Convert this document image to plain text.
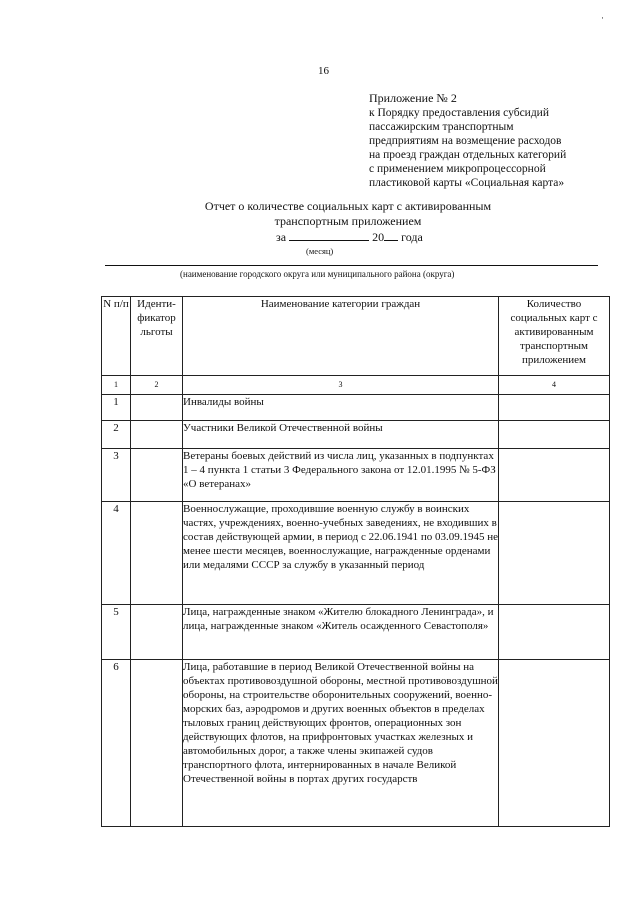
16
Приложение № 2
к Порядку предоставления субсидий
пассажирским транспортным
предприятиям на возмещение расходов
на проезд граждан отдельных категорий
с применением микропроцессорной
пластиковой карты «Социальная карта»
Отчет о количестве социальных карт с активированным
транспортным приложением
за	20 года
(месяц)
(наименование городского округа или муниципального района (округа)
N п/п	Иденти-фикатор льготы	Наименование категории граждан	Количество социальных карт с активированным транспортным приложением
1	2	3	4
1		Инвалиды войны	
2		Участники Великой Отечественной войны	
3		Ветераны боевых действий из числа лиц, указанных в подпунктах 1 – 4 пункта 1 статьи 3 Федерального закона от 12.01.1995 № 5-ФЗ «О ветеранах»	
4		Военнослужащие, проходившие военную службу в воинских частях, учреждениях, военно-учебных заведениях, не входивших в состав действующей армии, в период с 22.06.1941 по 03.09.1945 не менее шести месяцев, военнослужащие, награжденные орденами или медалями СССР за службу в указанный период	
5		Лица, награжденные знаком «Жителю блокадного Ленинграда», и лица, награжденные знаком «Житель осажденного Севастополя»	
6		Лица, работавшие в период Великой Отечественной войны на объектах противовоздушной обороны, местной противовоздушной обороны, на строительстве оборонительных сооружений, военно-морских баз, аэродромов и других военных объектов в пределах тыловых границ действующих фронтов, операционных зон действующих флотов, на прифронтовых участках железных и автомобильных дорог, а также члены экипажей судов транспортного флота, интернированных в начале Великой Отечественной войны в портах других государств	
·
